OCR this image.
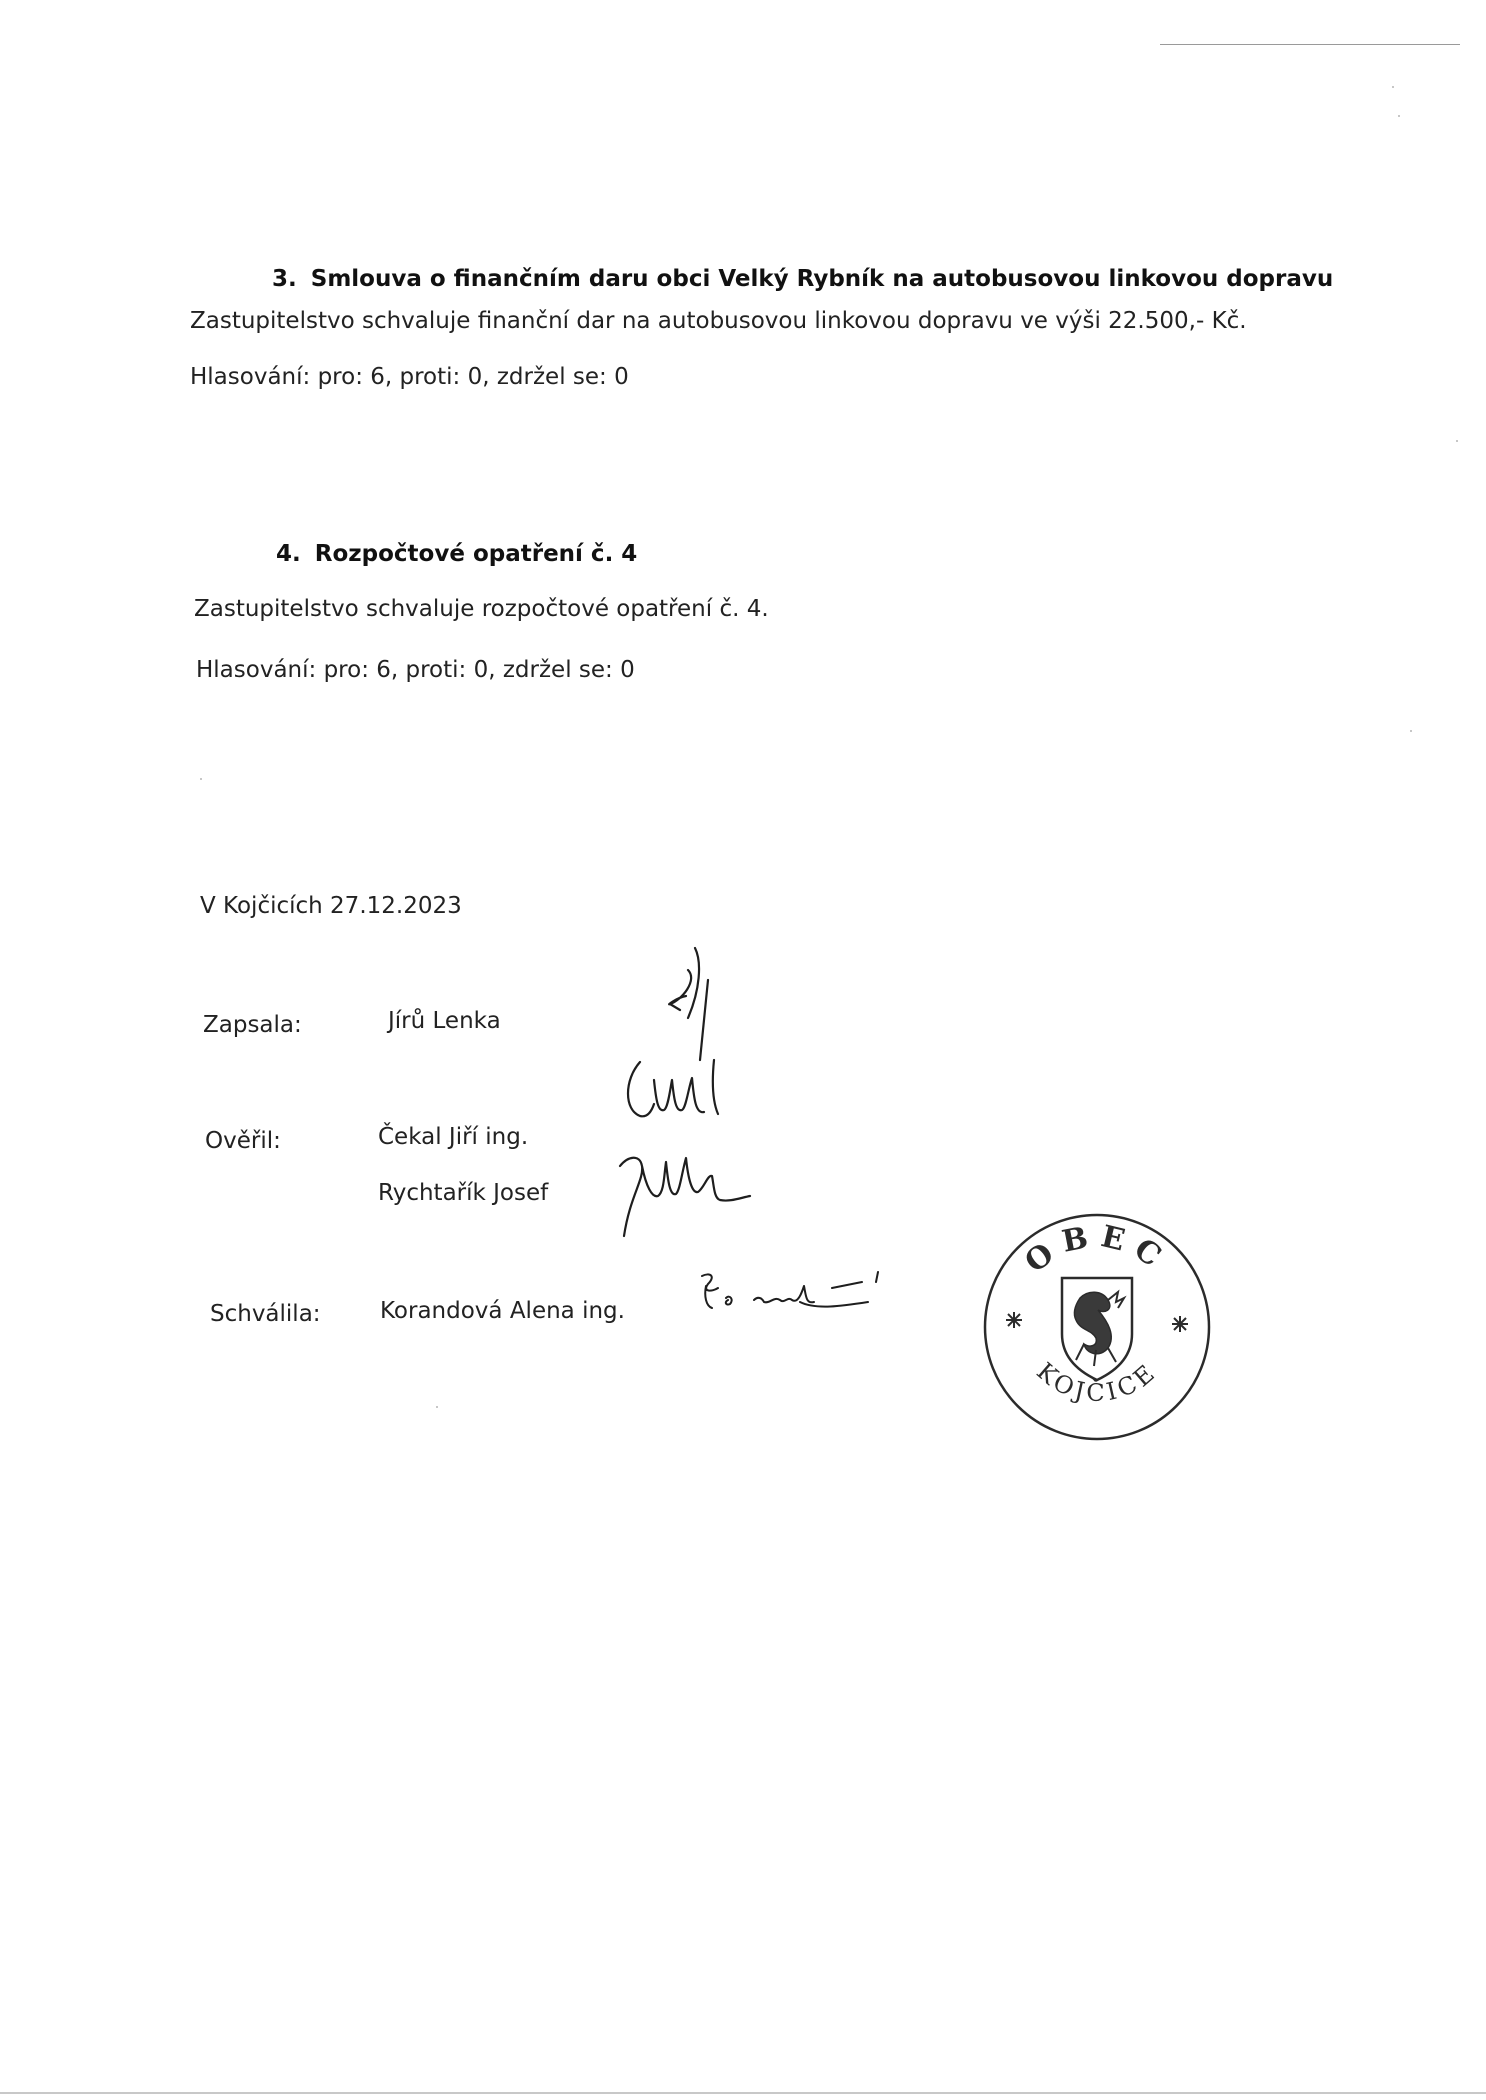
3. Smlouva o finančním daru obci Velký Rybník na autobusovou linkovou dopravu
Zastupitelstvo schvaluje finanční dar na autobusovou linkovou dopravu ve výši 22.500,- Kč.
Hlasování: pro: 6, proti: 0, zdržel se: 0
4. Rozpočtové opatření č. 4
Zastupitelstvo schvaluje rozpočtové opatření č. 4.
Hlasování: pro: 6, proti: 0, zdržel se: 0
V Kojčicích 27.12.2023
Zapsala:	Jírů Lenka
Ověřil:	Čekal Jiří ing.
Rychtařík Josef
Schválila:	Korandová Alena ing.
OBEC
KOJČICE
